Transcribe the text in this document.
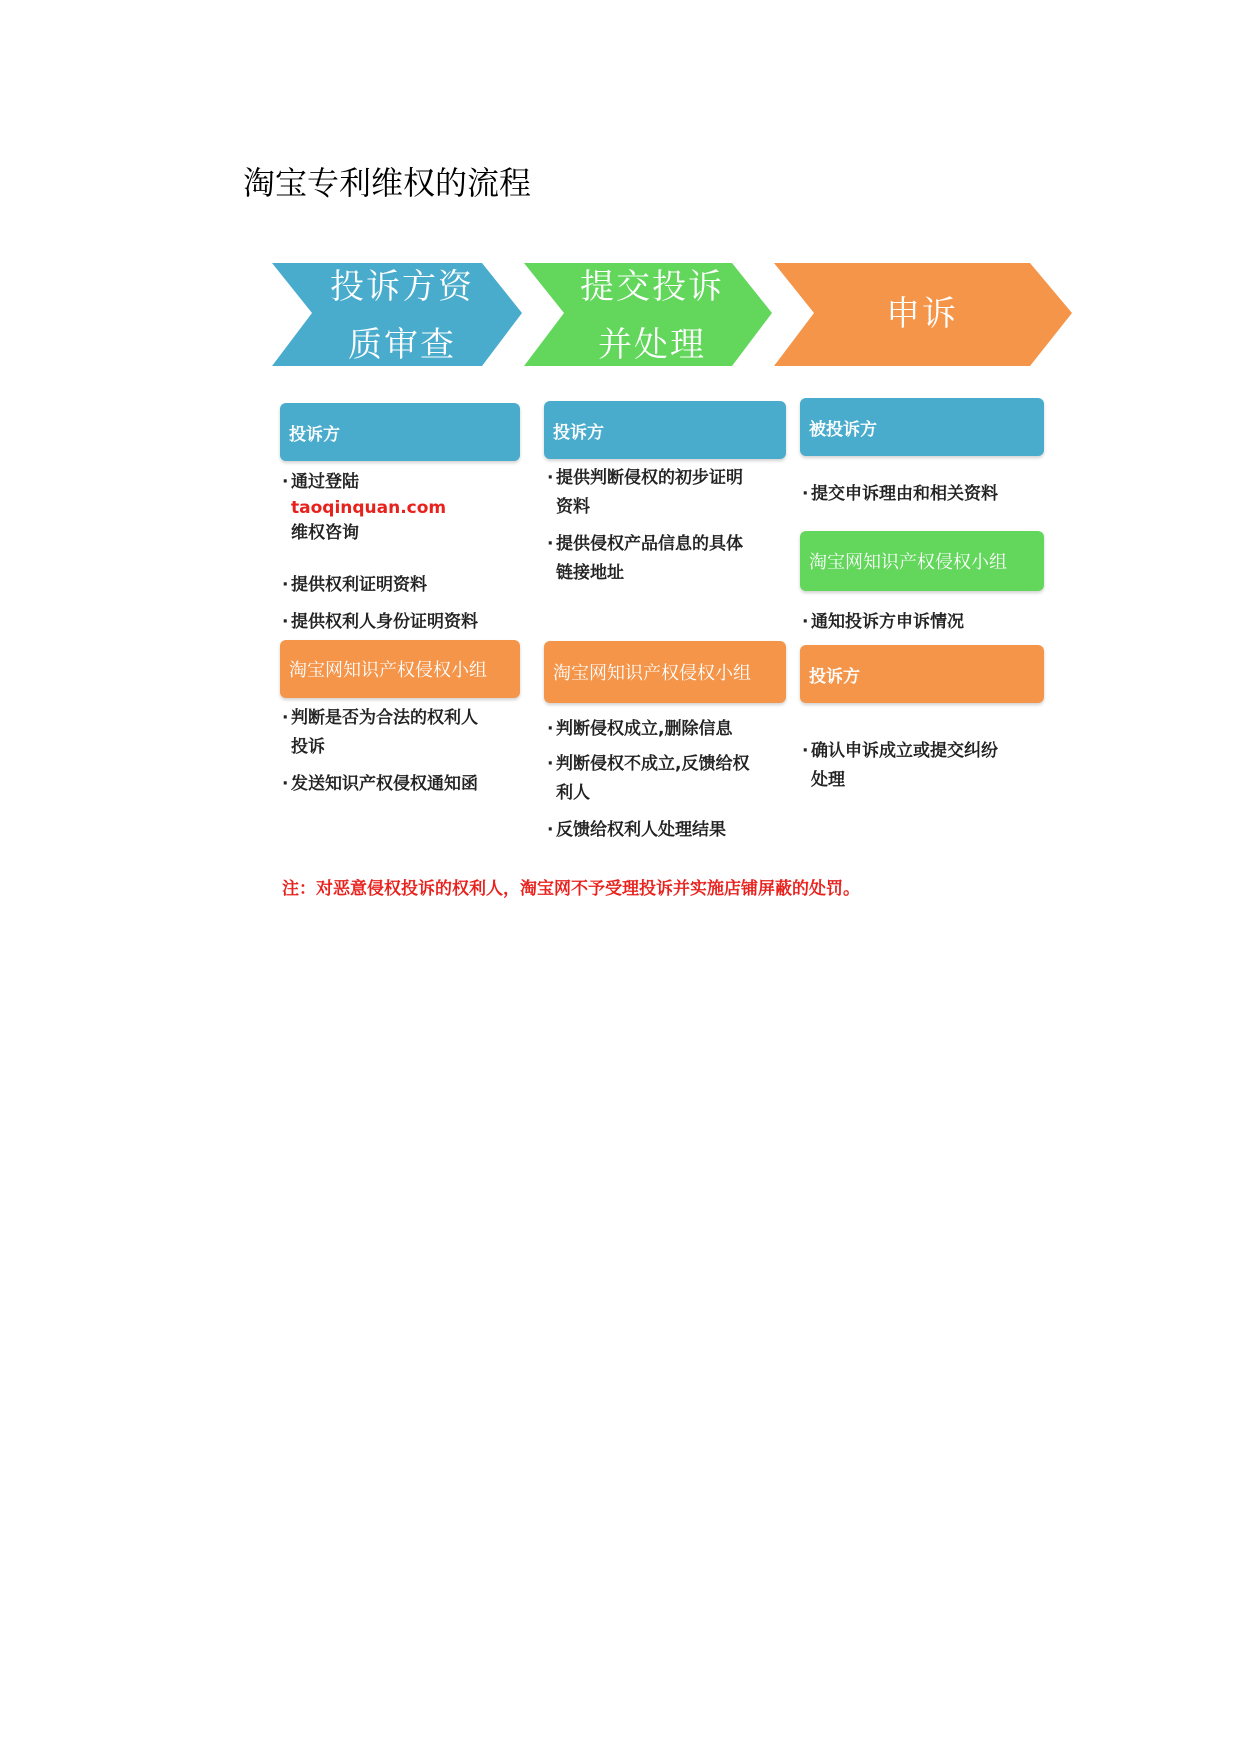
淘宝专利维权的流程
投诉方资
质审查
提交投诉
并处理
申诉
投诉方
· 通过登陆
taoqinquan.com
维权咨询
· 提供权利证明资料
· 提供权利人身份证明资料
淘宝网知识产权侵权小组
· 判断是否为合法的权利人
投诉
· 发送知识产权侵权通知函
投诉方
· 提供判断侵权的初步证明
资料
· 提供侵权产品信息的具体
链接地址
淘宝网知识产权侵权小组
· 判断侵权成立,删除信息
· 判断侵权不成立,反馈给权
利人
· 反馈给权利人处理结果
被投诉方
· 提交申诉理由和相关资料
淘宝网知识产权侵权小组
· 通知投诉方申诉情况
投诉方
· 确认申诉成立或提交纠纷
处理
注：对恶意侵权投诉的权利人，淘宝网不予受理投诉并实施店铺屏蔽的处罚。
